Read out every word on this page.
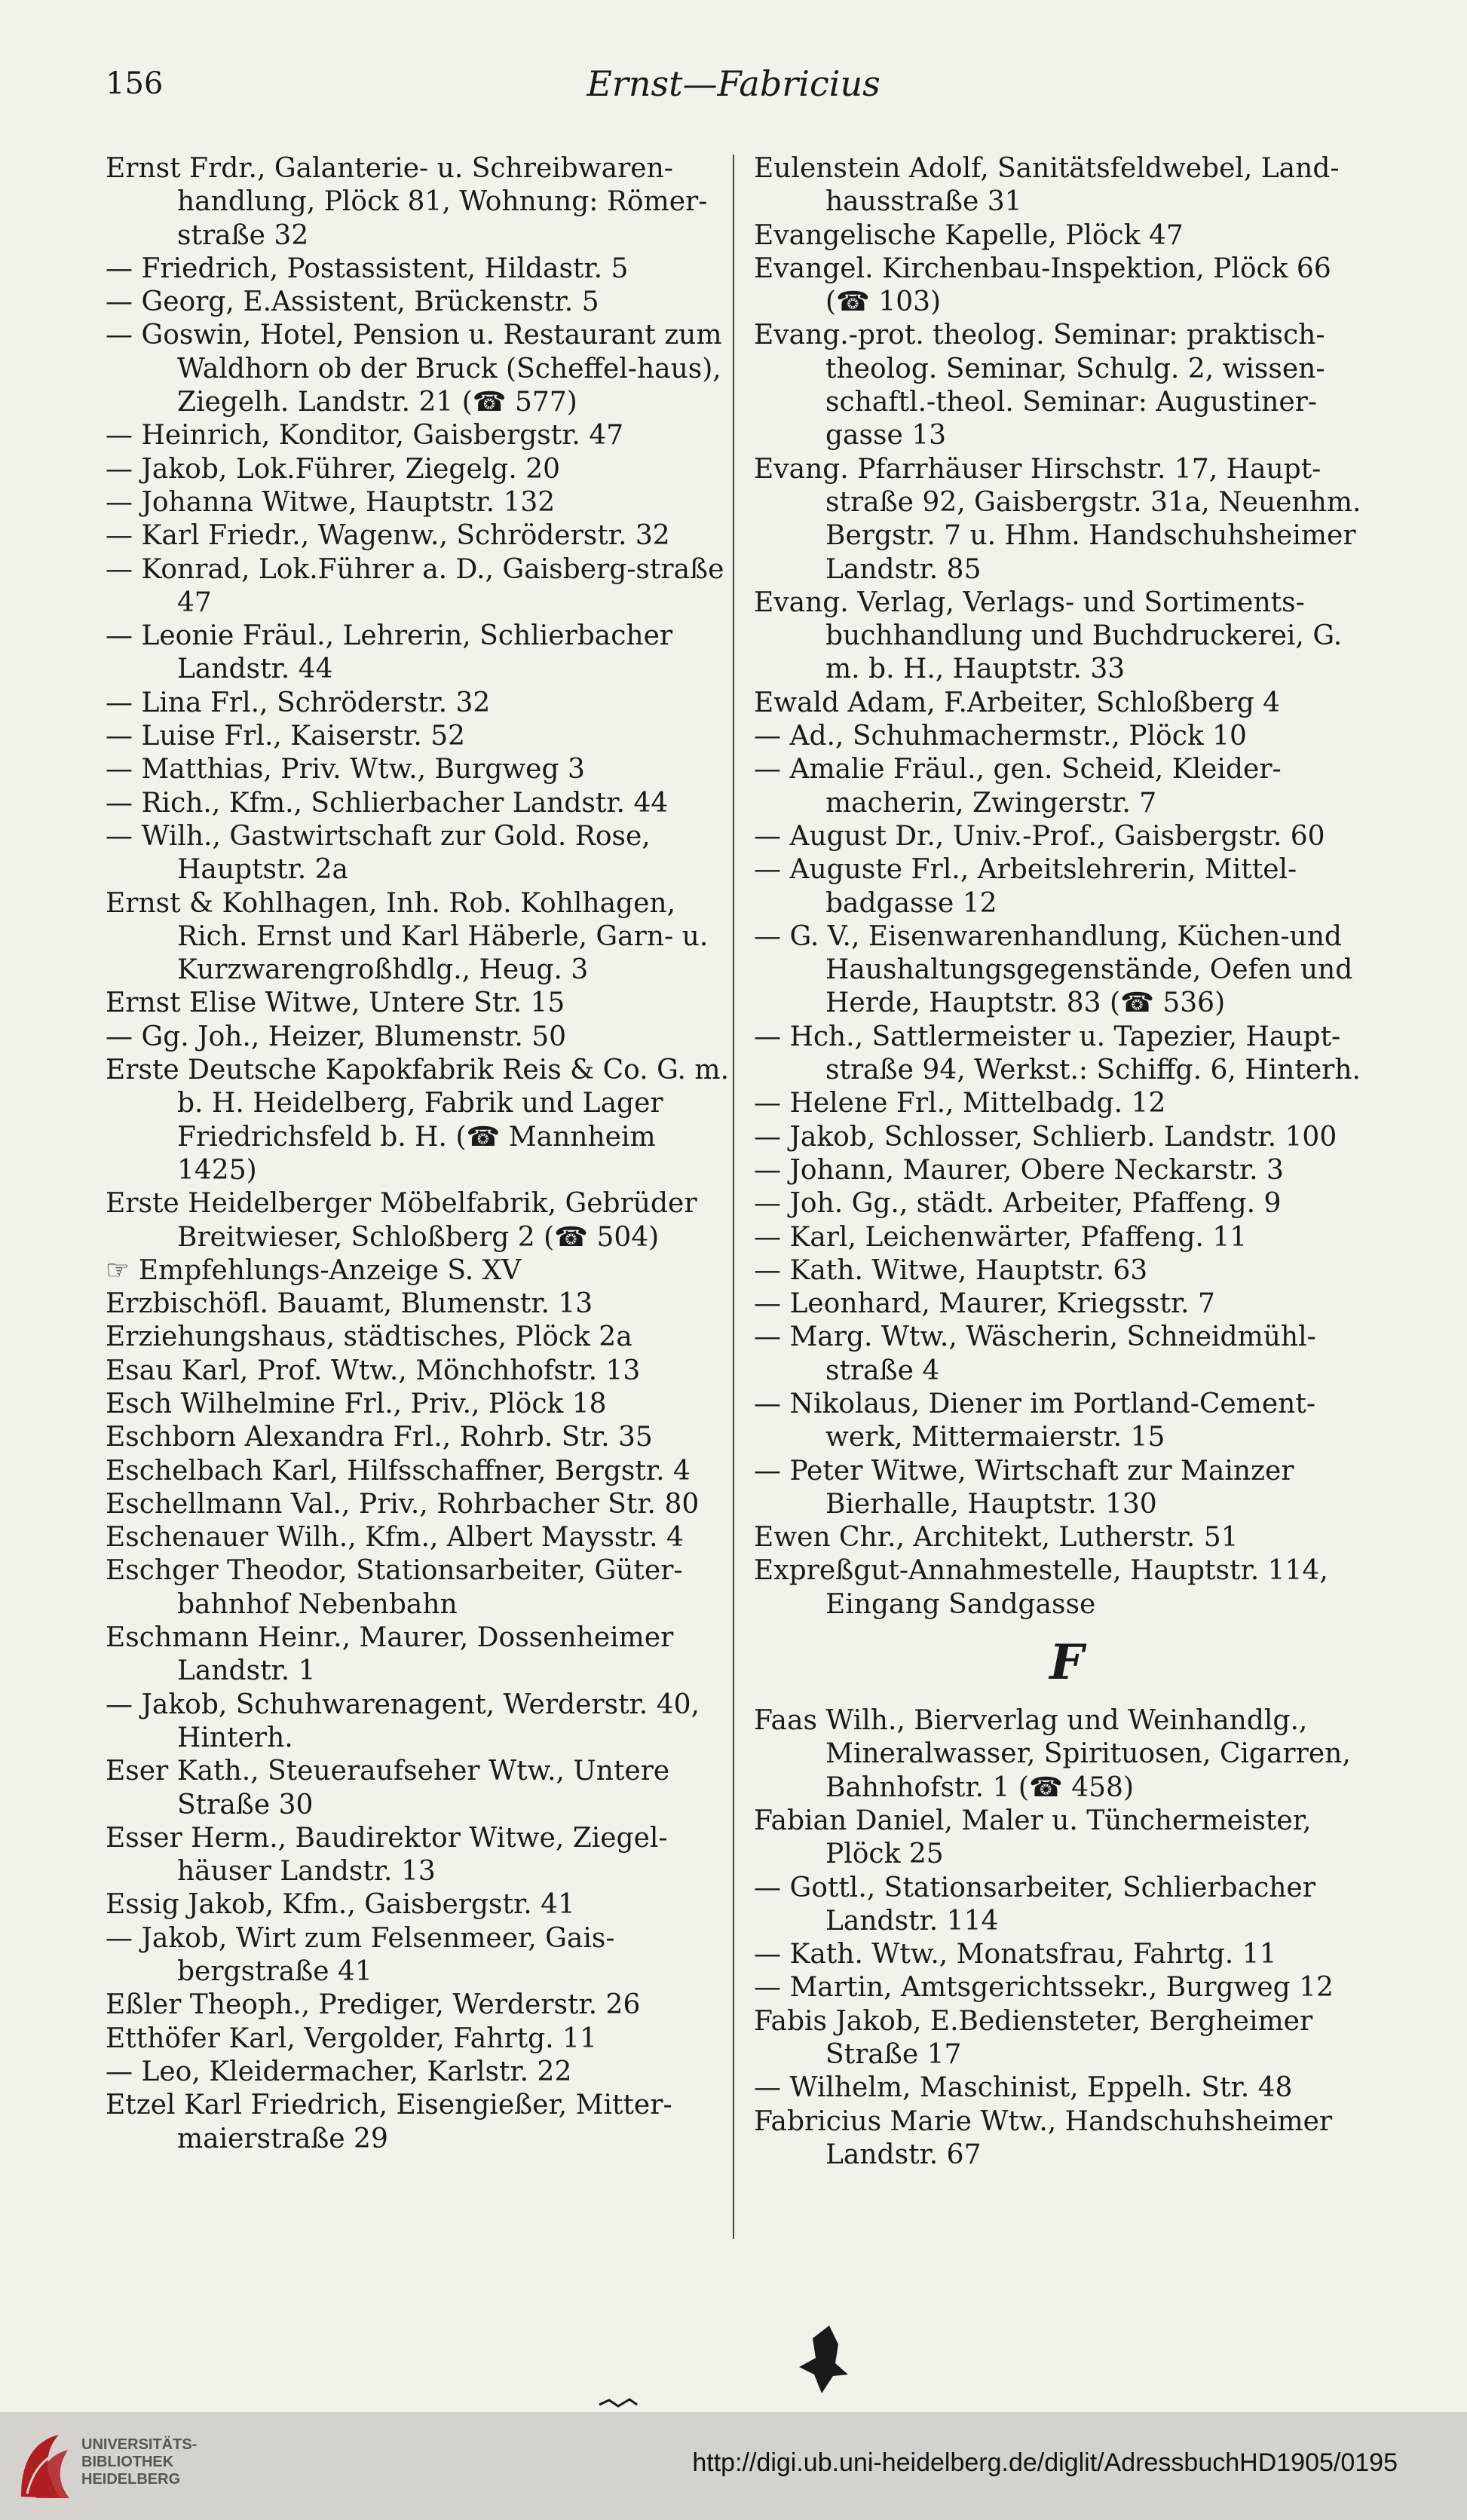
156	Ernst—Fabricius
Ernst Frdr., Galanterie- u. Schreibwaren-handlung, Plöck 81, Wohnung: Römer-straße 32
— Friedrich, Postassistent, Hildastr. 5
— Georg, E.Assistent, Brückenstr. 5
— Goswin, Hotel, Pension u. Restaurant zum Waldhorn ob der Bruck (Scheffel-haus), Ziegelh. Landstr. 21 (☎ 577)
— Heinrich, Konditor, Gaisbergstr. 47
— Jakob, Lok.Führer, Ziegelg. 20
— Johanna Witwe, Hauptstr. 132
— Karl Friedr., Wagenw., Schröderstr. 32
— Konrad, Lok.Führer a. D., Gaisberg-straße 47
— Leonie Fräul., Lehrerin, Schlierbacher Landstr. 44
— Lina Frl., Schröderstr. 32
— Luise Frl., Kaiserstr. 52
— Matthias, Priv. Wtw., Burgweg 3
— Rich., Kfm., Schlierbacher Landstr. 44
— Wilh., Gastwirtschaft zur Gold. Rose, Hauptstr. 2a
Ernst & Kohlhagen, Inh. Rob. Kohlhagen, Rich. Ernst und Karl Häberle, Garn- u. Kurzwarengroßhdlg., Heug. 3
Ernst Elise Witwe, Untere Str. 15
— Gg. Joh., Heizer, Blumenstr. 50
Erste Deutsche Kapokfabrik Reis & Co. G. m. b. H. Heidelberg, Fabrik und Lager Friedrichsfeld b. H. (☎ Mannheim 1425)
Erste Heidelberger Möbelfabrik, Gebrüder Breitwieser, Schloßberg 2 (☎ 504)
☞ Empfehlungs-Anzeige S. XV
Erzbischöfl. Bauamt, Blumenstr. 13
Erziehungshaus, städtisches, Plöck 2a
Esau Karl, Prof. Wtw., Mönchhofstr. 13
Esch Wilhelmine Frl., Priv., Plöck 18
Eschborn Alexandra Frl., Rohrb. Str. 35
Eschelbach Karl, Hilfsschaffner, Bergstr. 4
Eschellmann Val., Priv., Rohrbacher Str. 80
Eschenauer Wilh., Kfm., Albert Maysstr. 4
Eschger Theodor, Stationsarbeiter, Güter-bahnhof Nebenbahn
Eschmann Heinr., Maurer, Dossenheimer Landstr. 1
— Jakob, Schuhwarenagent, Werderstr. 40, Hinterh.
Eser Kath., Steueraufseher Wtw., Untere Straße 30
Esser Herm., Baudirektor Witwe, Ziegel-häuser Landstr. 13
Essig Jakob, Kfm., Gaisbergstr. 41
— Jakob, Wirt zum Felsenmeer, Gais-bergstraße 41
Eßler Theoph., Prediger, Werderstr. 26
Etthöfer Karl, Vergolder, Fahrtg. 11
— Leo, Kleidermacher, Karlstr. 22
Etzel Karl Friedrich, Eisengießer, Mitter-maierstraße 29
Eulenstein Adolf, Sanitätsfeldwebel, Land-hausstraße 31
Evangelische Kapelle, Plöck 47
Evangel. Kirchenbau-Inspektion, Plöck 66 (☎ 103)
Evang.-prot. theolog. Seminar: praktisch-theolog. Seminar, Schulg. 2, wissen-schaftl.-theol. Seminar: Augustiner-gasse 13
Evang. Pfarrhäuser Hirschstr. 17, Haupt-straße 92, Gaisbergstr. 31a, Neuenhm. Bergstr. 7 u. Hhm. Handschuhsheimer Landstr. 85
Evang. Verlag, Verlags- und Sortiments-buchhandlung und Buchdruckerei, G. m. b. H., Hauptstr. 33
Ewald Adam, F.Arbeiter, Schloßberg 4
— Ad., Schuhmachermstr., Plöck 10
— Amalie Fräul., gen. Scheid, Kleider-macherin, Zwingerstr. 7
— August Dr., Univ.-Prof., Gaisbergstr. 60
— Auguste Frl., Arbeitslehrerin, Mittel-badgasse 12
— G. V., Eisenwarenhandlung, Küchen-und Haushaltungsgegenstände, Oefen und Herde, Hauptstr. 83 (☎ 536)
— Hch., Sattlermeister u. Tapezier, Haupt-straße 94, Werkst.: Schiffg. 6, Hinterh.
— Helene Frl., Mittelbadg. 12
— Jakob, Schlosser, Schlierb. Landstr. 100
— Johann, Maurer, Obere Neckarstr. 3
— Joh. Gg., städt. Arbeiter, Pfaffeng. 9
— Karl, Leichenwärter, Pfaffeng. 11
— Kath. Witwe, Hauptstr. 63
— Leonhard, Maurer, Kriegsstr. 7
— Marg. Wtw., Wäscherin, Schneidmühl-straße 4
— Nikolaus, Diener im Portland-Cement-werk, Mittermaierstr. 15
— Peter Witwe, Wirtschaft zur Mainzer Bierhalle, Hauptstr. 130
Ewen Chr., Architekt, Lutherstr. 51
Expreßgut-Annahmestelle, Hauptstr. 114, Eingang Sandgasse
F
Faas Wilh., Bierverlag und Weinhandlg., Mineralwasser, Spirituosen, Cigarren, Bahnhofstr. 1 (☎ 458)
Fabian Daniel, Maler u. Tünchermeister, Plöck 25
— Gottl., Stationsarbeiter, Schlierbacher Landstr. 114
— Kath. Wtw., Monatsfrau, Fahrtg. 11
— Martin, Amtsgerichtssekr., Burgweg 12
Fabis Jakob, E.Bediensteter, Bergheimer Straße 17
— Wilhelm, Maschinist, Eppelh. Str. 48
Fabricius Marie Wtw., Handschuhsheimer Landstr. 67
UNIVERSITÄTS-
BIBLIOTHEK
HEIDELBERG
http://digi.ub.uni-heidelberg.de/diglit/AdressbuchHD1905/0195
